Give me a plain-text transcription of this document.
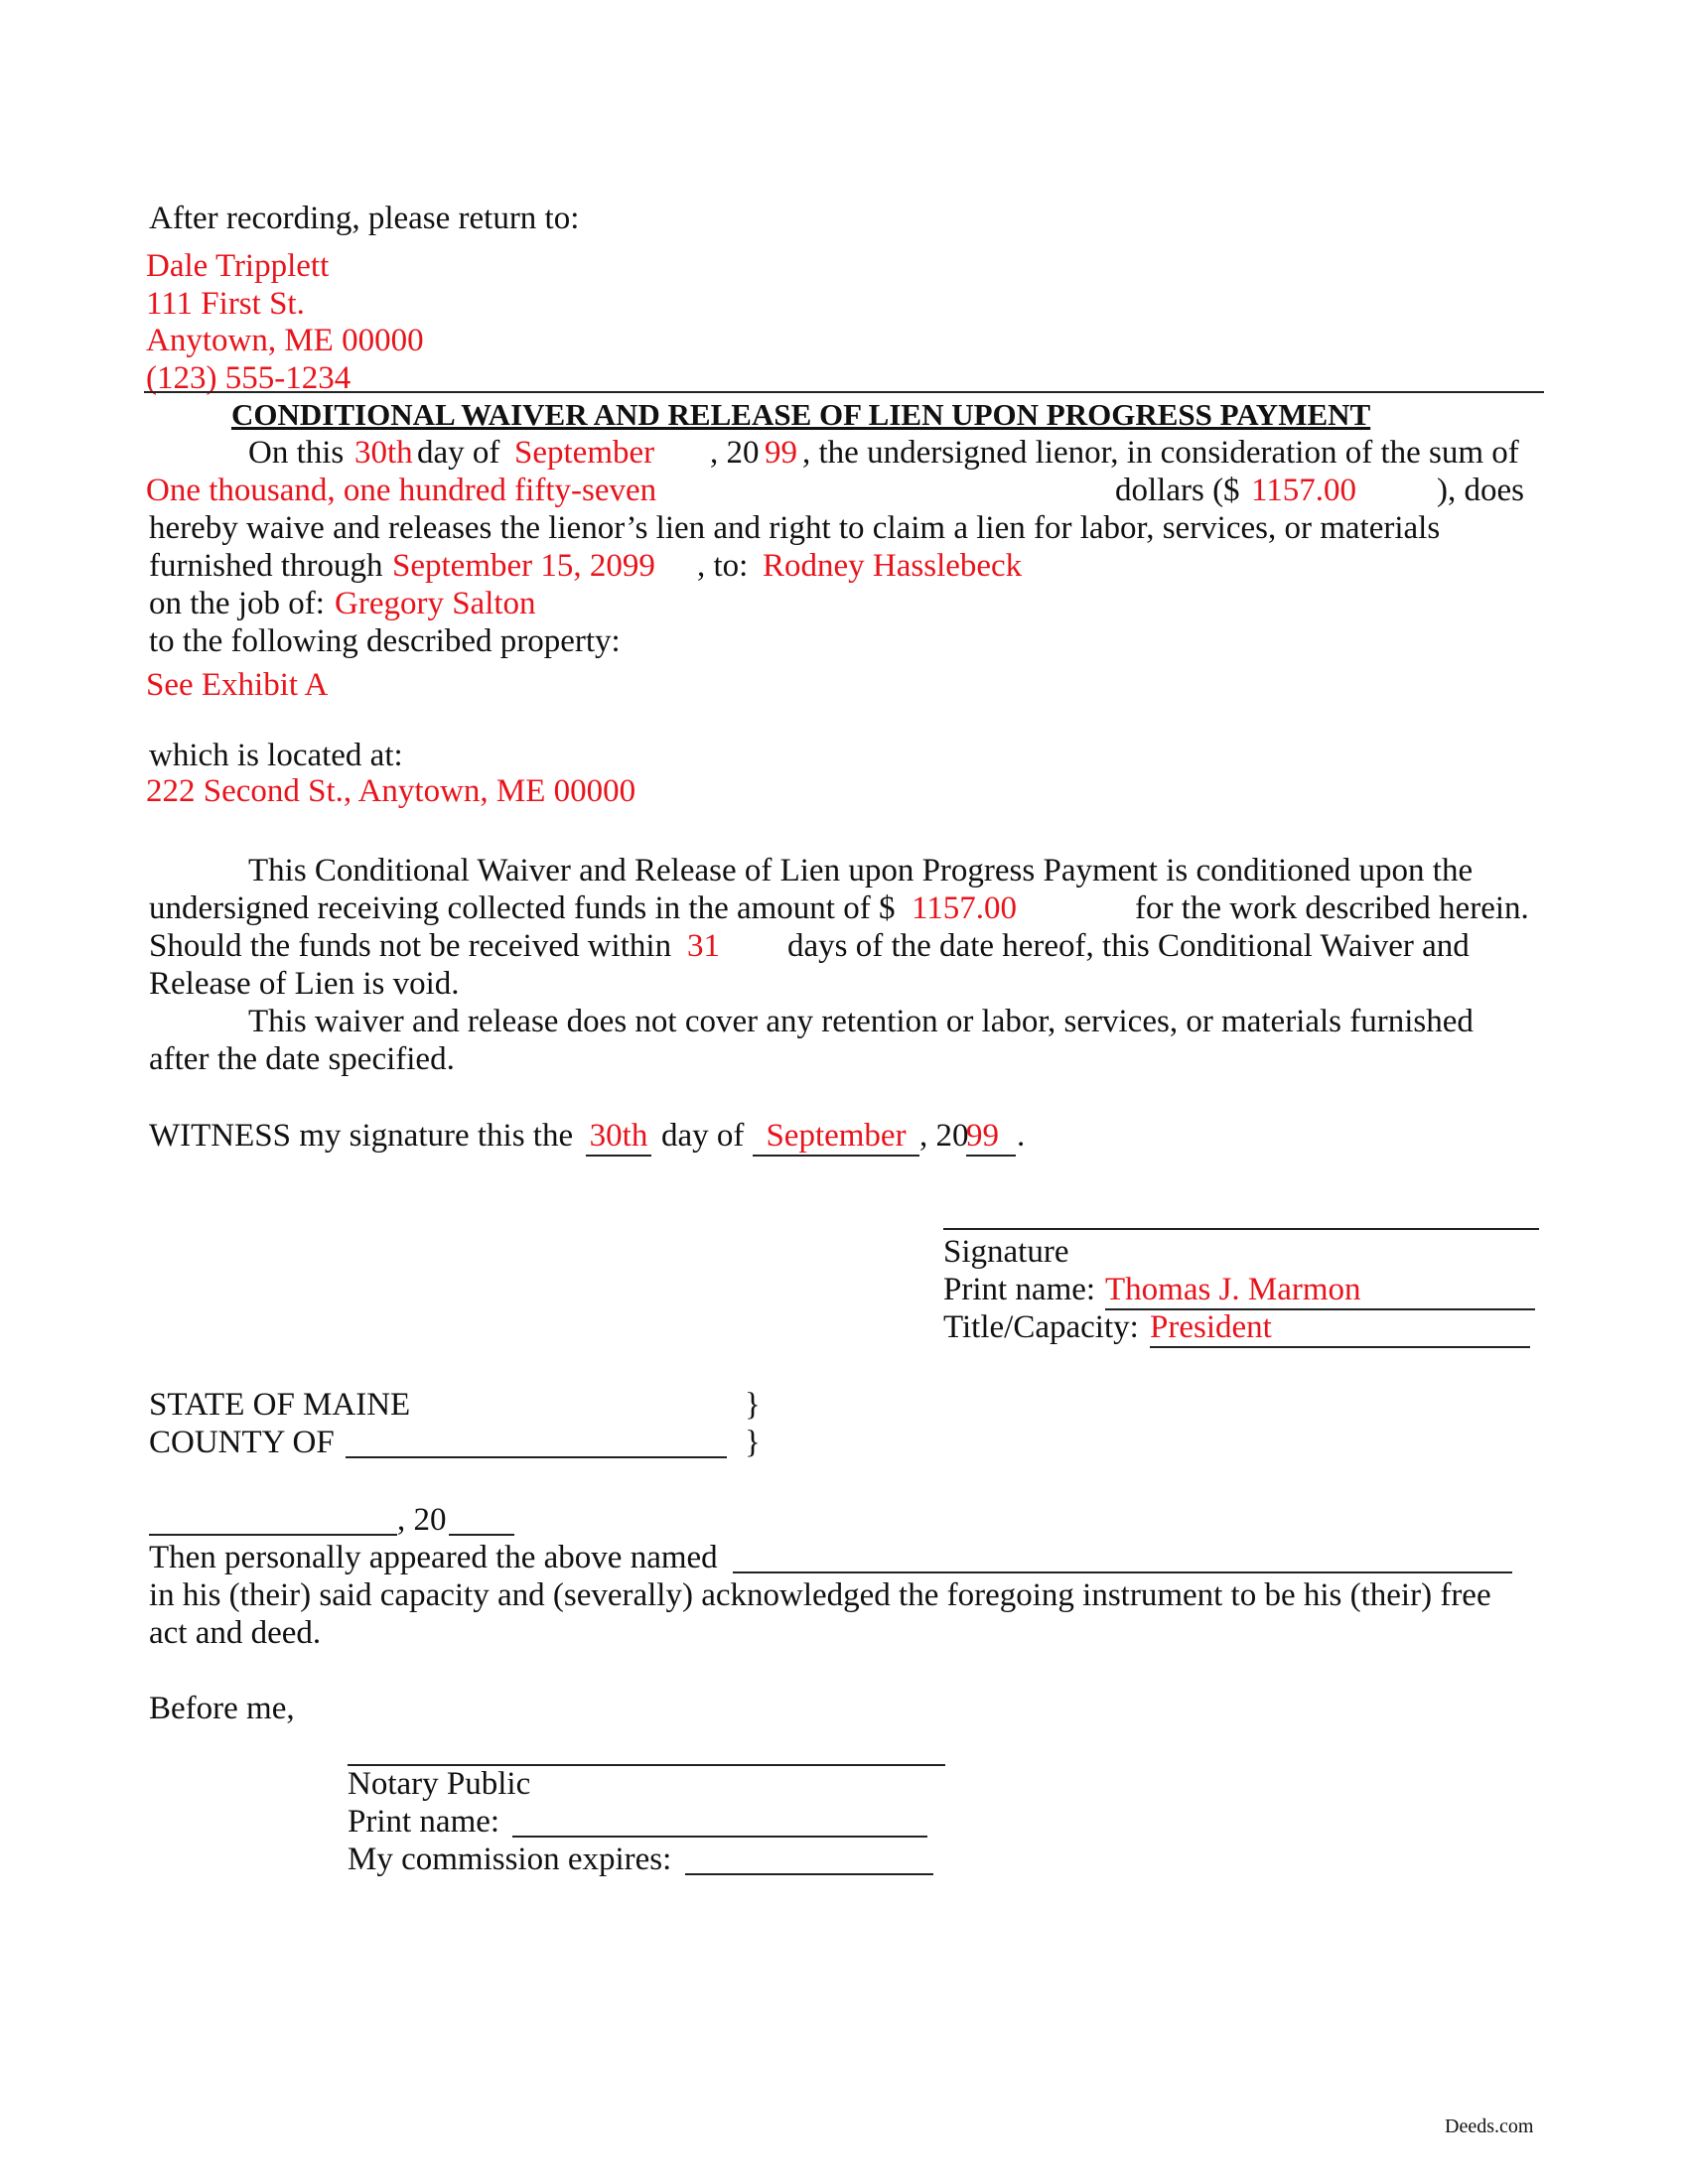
After recording, please return to:
Dale Tripplett
111 First St.
Anytown, ME 00000
(123) 555-1234
CONDITIONAL WAIVER AND RELEASE OF LIEN UPON PROGRESS PAYMENT
On this 30th day of September , 20 99 , the undersigned lienor, in consideration of the sum of
One thousand, one hundred fifty-seven	dollars ($ 1157.00 ), does
hereby waive and releases the lienor’s lien and right to claim a lien for labor, services, or materials
furnished through September 15, 2099 , to: Rodney Hasslebeck
on the job of: Gregory Salton
to the following described property:
See Exhibit A
which is located at:
222 Second St., Anytown, ME 00000
This Conditional Waiver and Release of Lien upon Progress Payment is conditioned upon the
undersigned receiving collected funds in the amount of $ 1157.00	for the work described herein.
Should the funds not be received within 31 days of the date hereof, this Conditional Waiver and
Release of Lien is void.
This waiver and release does not cover any retention or labor, services, or materials furnished
after the date specified.
WITNESS my signature this the 30th day of September , 20
99 .
Signature
Print name: Thomas J. Marmon
Title/Capacity: President
STATE OF MAINE	}
COUNTY OF	}
, 20
Then personally appeared the above named
in his (their) said capacity and (severally) acknowledged the foregoing instrument to be his (their) free
act and deed.
Before me,
Notary Public
Print name:
My commission expires:
Deeds.com
